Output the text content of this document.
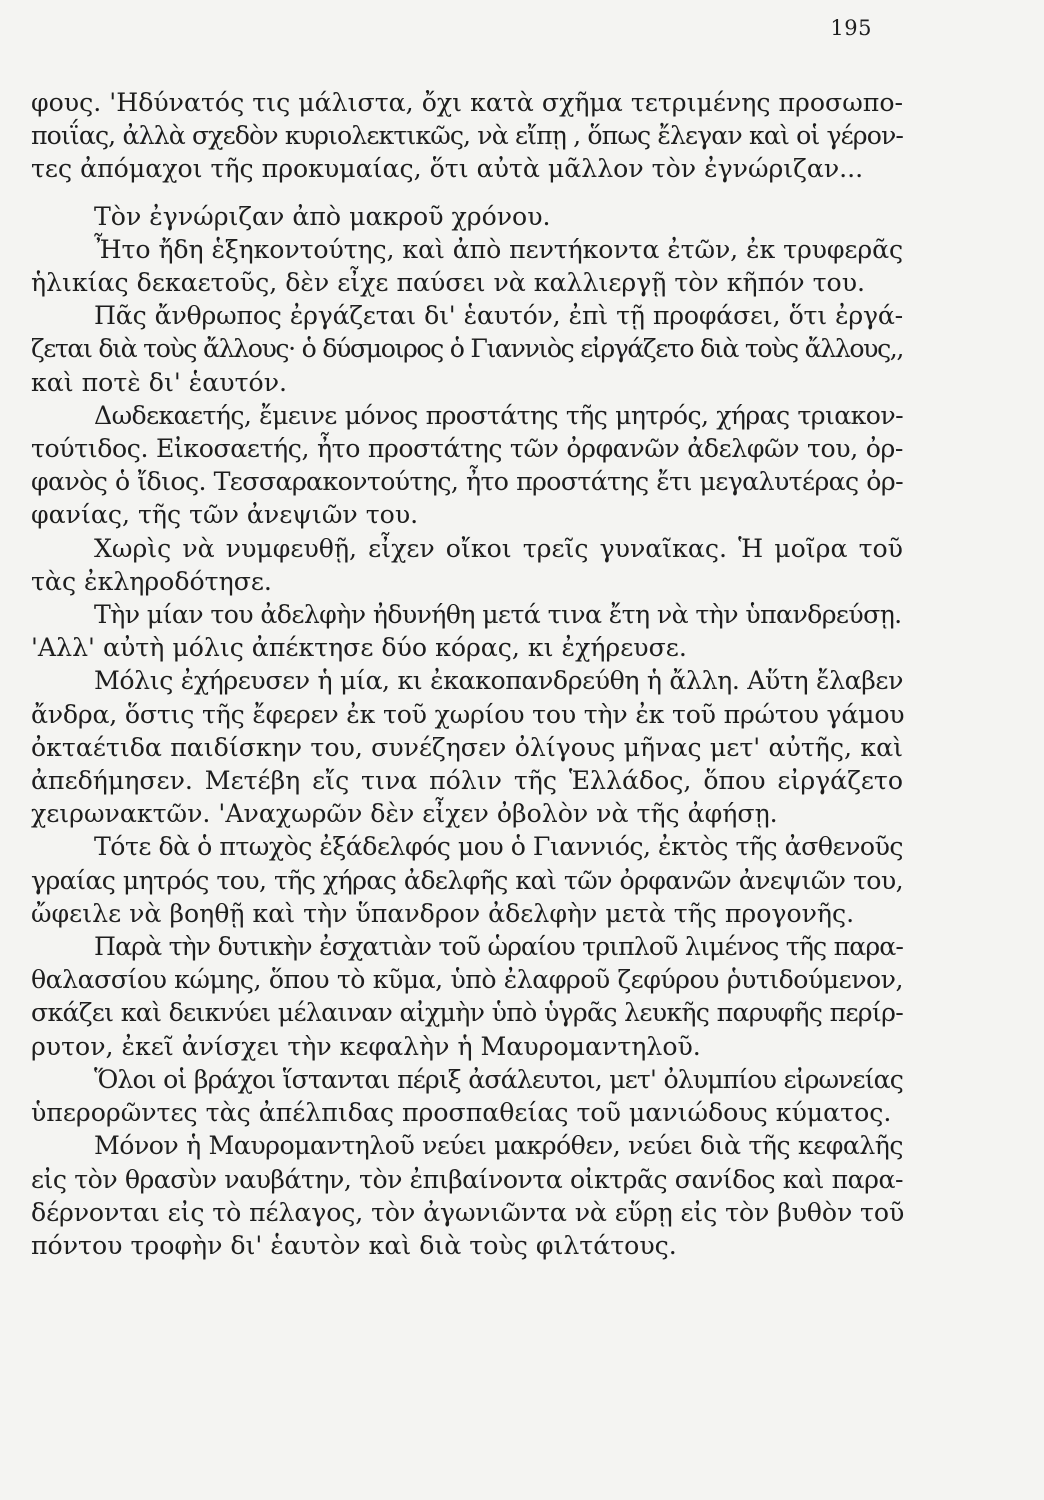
195
φους. 'Ηδύνατός τις μάλιστα, ὄχι κατὰ σχῆμα τετριμένης προσωπο-
ποιΐας, ἀλλὰ σχεδὸν κυριολεκτικῶς, νὰ εἴπῃ , ὅπως ἔλεγαν καὶ οἱ γέρον-
τες ἀπόμαχοι τῆς προκυμαίας, ὅτι αὐτὰ μᾶλλον τὸν ἐγνώριζαν...
Τὸν ἐγνώριζαν ἀπὸ μακροῦ χρόνου.
Ἦτο ἤδη ἑξηκοντούτης, καὶ ἀπὸ πεντήκοντα ἐτῶν, ἐκ τρυφερᾶς
ἡλικίας δεκαετοῦς, δὲν εἶχε παύσει νὰ καλλιεργῇ τὸν κῆπόν του.
Πᾶς ἄνθρωπος ἐργάζεται δι' ἑαυτόν, ἐπὶ τῇ προφάσει, ὅτι ἐργά-
ζεται διὰ τοὺς ἄλλους· ὁ δύσμοιρος ὁ Γιαννιὸς εἰργάζετο διὰ τοὺς ἄλλους,,
καὶ ποτὲ δι' ἑαυτόν.
Δωδεκαετής, ἔμεινε μόνος προστάτης τῆς μητρός, χήρας τριακον-
τούτιδος. Εἰκοσαετής, ἦτο προστάτης τῶν ὀρφανῶν ἀδελφῶν του, ὀρ-
φανὸς ὁ ἴδιος. Τεσσαρακοντούτης, ἦτο προστάτης ἔτι μεγαλυτέρας ὀρ-
φανίας, τῆς τῶν ἀνεψιῶν του.
Χωρὶς νὰ νυμφευθῇ, εἶχεν οἴκοι τρεῖς γυναῖκας. Ἡ μοῖρα τοῦ
τὰς ἐκληροδότησε.
Τὴν μίαν του ἀδελφὴν ἠδυνήθη μετά τινα ἔτη νὰ τὴν ὑπανδρεύσῃ.
'Αλλ' αὐτὴ μόλις ἀπέκτησε δύο κόρας, κι ἐχήρευσε.
Μόλις ἐχήρευσεν ἡ μία, κι ἐκακοπανδρεύθη ἡ ἄλλη. Αὕτη ἔλαβεν
ἄνδρα, ὅστις τῆς ἔφερεν ἐκ τοῦ χωρίου του τὴν ἐκ τοῦ πρώτου γάμου
ὀκταέτιδα παιδίσκην του, συνέζησεν ὀλίγους μῆνας μετ' αὐτῆς, καὶ
ἀπεδήμησεν. Μετέβη εἴς τινα πόλιν τῆς Ἑλλάδος, ὅπου εἰργάζετο
χειρωνακτῶν. 'Αναχωρῶν δὲν εἶχεν ὀβολὸν νὰ τῆς ἀφήσῃ.
Τότε δὰ ὁ πτωχὸς ἐξάδελφός μου ὁ Γιαννιός, ἐκτὸς τῆς ἀσθενοῦς
γραίας μητρός του, τῆς χήρας ἀδελφῆς καὶ τῶν ὀρφανῶν ἀνεψιῶν του,
ὤφειλε νὰ βοηθῇ καὶ τὴν ὕπανδρον ἀδελφὴν μετὰ τῆς προγονῆς.
Παρὰ τὴν δυτικὴν ἐσχατιὰν τοῦ ὡραίου τριπλοῦ λιμένος τῆς παρα-
θαλασσίου κώμης, ὅπου τὸ κῦμα, ὑπὸ ἐλαφροῦ ζεφύρου ῥυτιδούμενον,
σκάζει καὶ δεικνύει μέλαιναν αἰχμὴν ὑπὸ ὑγρᾶς λευκῆς παρυφῆς περίρ-
ρυτον, ἐκεῖ ἀνίσχει τὴν κεφαλὴν ἡ Μαυρομαντηλοῦ.
Ὅλοι οἱ βράχοι ἵστανται πέριξ ἀσάλευτοι, μετ' ὀλυμπίου εἰρωνείας
ὑπερορῶντες τὰς ἀπέλπιδας προσπαθείας τοῦ μανιώδους κύματος.
Μόνον ἡ Μαυρομαντηλοῦ νεύει μακρόθεν, νεύει διὰ τῆς κεφαλῆς
εἰς τὸν θρασὺν ναυβάτην, τὸν ἐπιβαίνοντα οἰκτρᾶς σανίδος καὶ παρα-
δέρνονται εἰς τὸ πέλαγος, τὸν ἀγωνιῶντα νὰ εὕρῃ εἰς τὸν βυθὸν τοῦ
πόντου τροφὴν δι' ἑαυτὸν καὶ διὰ τοὺς φιλτάτους.
